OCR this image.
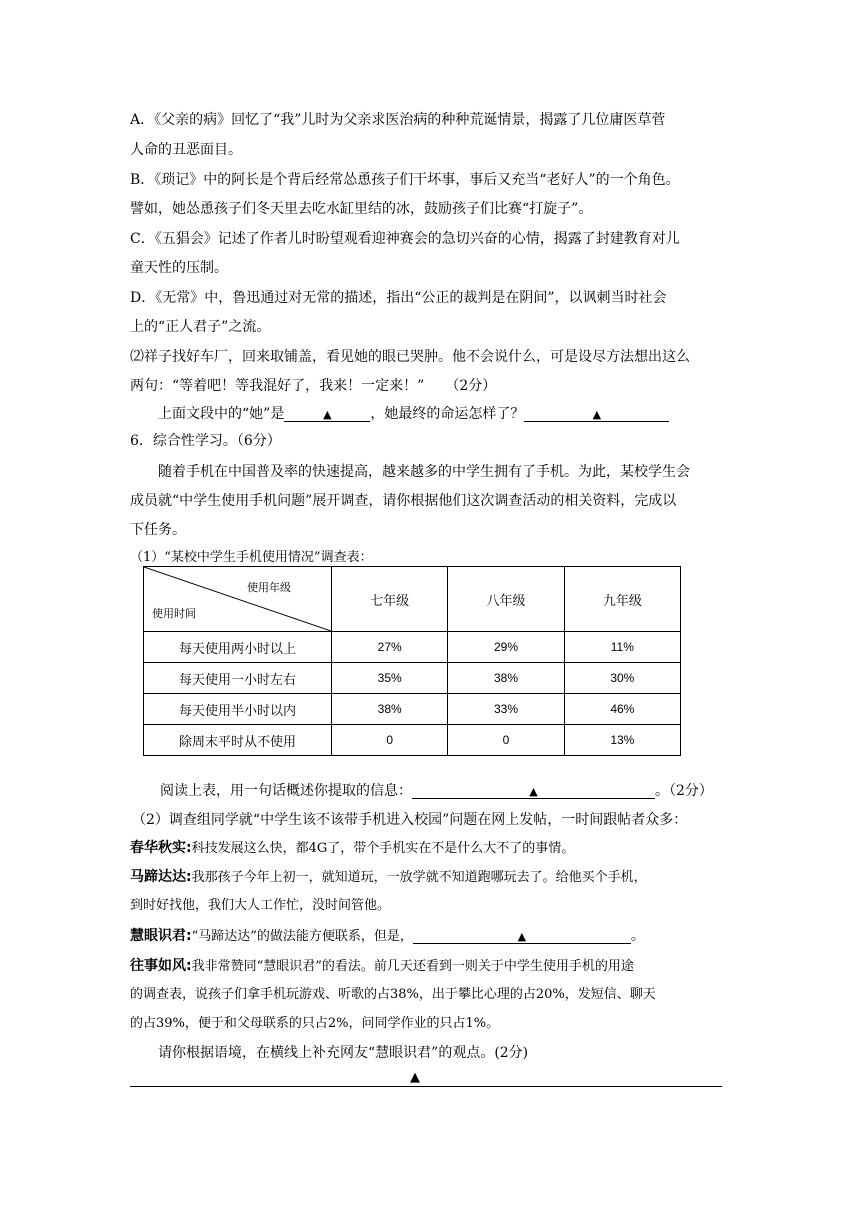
A．《父亲的病》回忆了“我”儿时为父亲求医治病的种种荒诞情景，揭露了几位庸医草菅
人命的丑恶面目。
B．《琐记》中的阿长是个背后经常怂恿孩子们干坏事，事后又充当“老好人”的一个角色。
譬如，她怂恿孩子们冬天里去吃水缸里结的冰，鼓励孩子们比赛“打旋子”。
C．《五猖会》记述了作者儿时盼望观看迎神赛会的急切兴奋的心情，揭露了封建教育对儿
童天性的压制。
D．《无常》中，鲁迅通过对无常的描述，指出“公正的裁判是在阴间”，以讽刺当时社会
上的“正人君子”之流。
⑵祥子找好车厂，回来取铺盖，看见她的眼已哭肿。他不会说什么，可是设尽方法想出这么
两句：“等着吧！等我混好了，我来！一定来！”　　（2分）
上面文段中的“她”是	▲	，她最终的命运怎样了？	▲
6．综合性学习。（6分）
随着手机在中国普及率的快速提高，越来越多的中学生拥有了手机。为此，某校学生会
成员就“中学生使用手机问题”展开调查，请你根据他们这次调查活动的相关资料，完成以
下任务。
（1）“某校中学生手机使用情况”调查表：
使用年级
使用时间	七年级	八年级	九年级
每天使用两小时以上	27%	29%	11%
每天使用一小时左右	35%	38%	30%
每天使用半小时以内	38%	33%	46%
除周末平时从不使用	0	0	13%
阅读上表，用一句话概述你提取的信息：	▲	。（2分）
（2）调查组同学就“中学生该不该带手机进入校园”问题在网上发帖，一时间跟帖者众多：
春华秋实:科技发展这么快，都4G了，带个手机实在不是什么大不了的事情。
马蹄达达:我那孩子今年上初一，就知道玩，一放学就不知道跑哪玩去了。给他买个手机，
到时好找他，我们大人工作忙，没时间管他。
慧眼识君:“马蹄达达”的做法能方便联系，但是，	▲	。
往事如风:我非常赞同“慧眼识君”的看法。前几天还看到一则关于中学生使用手机的用途
的调查表，说孩子们拿手机玩游戏、听歌的占38%，出于攀比心理的占20%，发短信、聊天
的占39%，便于和父母联系的只占2%，问同学作业的只占1%。
请你根据语境，在横线上补充网友“慧眼识君”的观点。(2分)
▲
